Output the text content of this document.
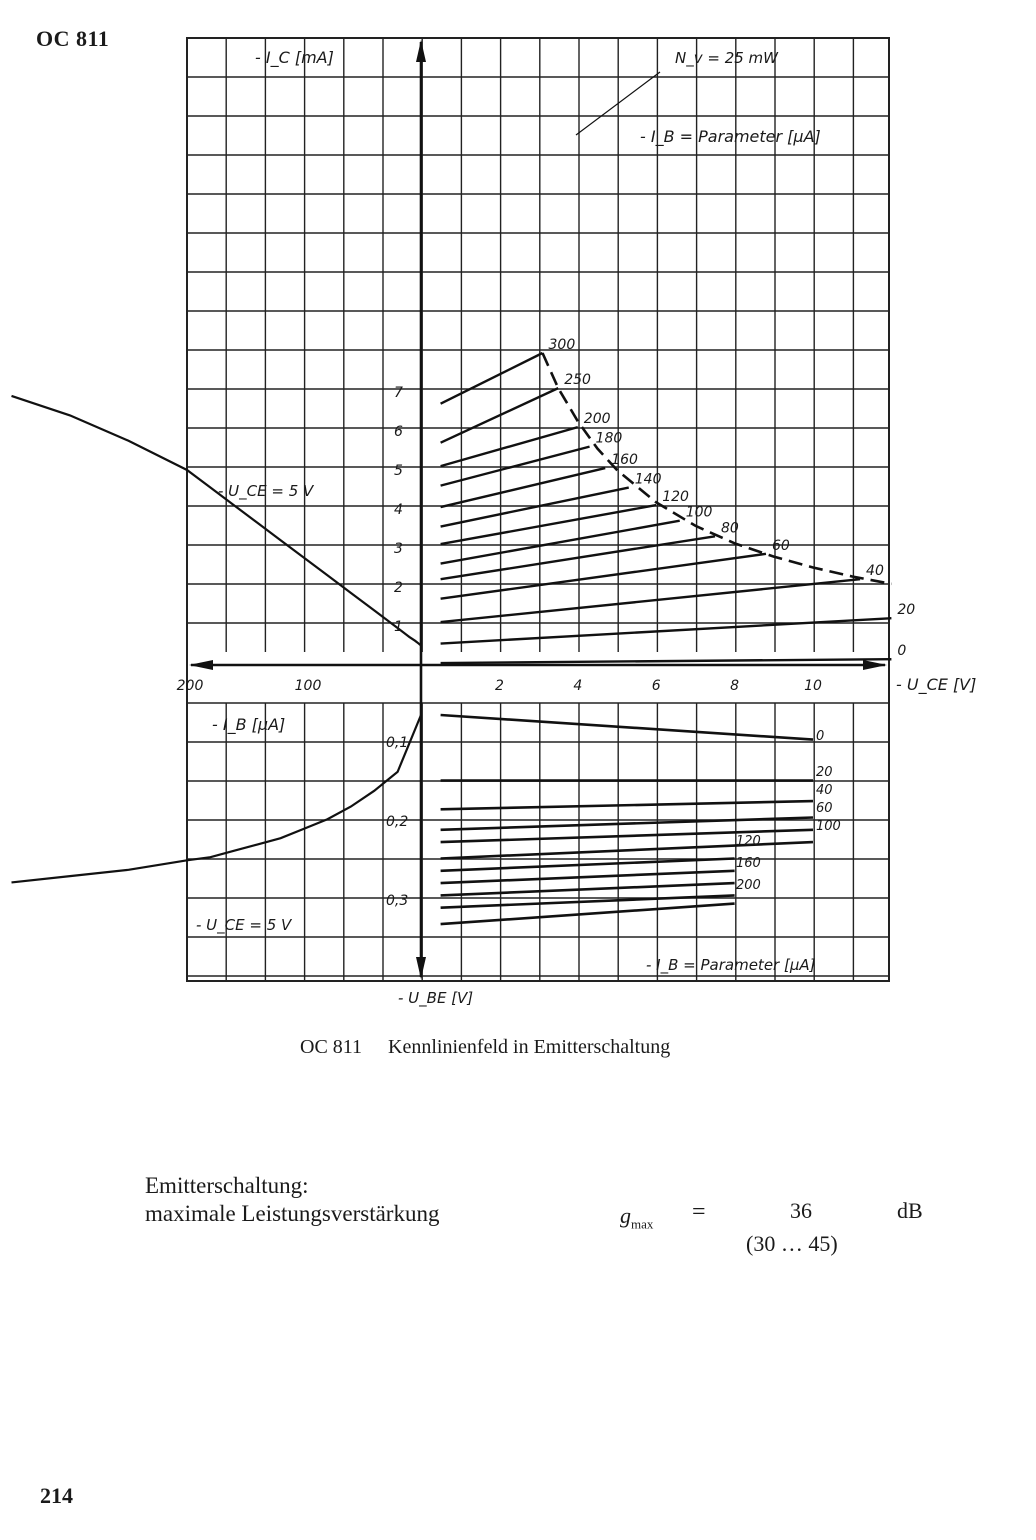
OC 811
0
20
40
60
80
100
120
140
160
180
200
250
300
N_v = 25 mW
- I_C [mA]
- I_B = Parameter [µA]
- U_CE [V]
1
2
3
4
5
6
7
2	4	6	8	10
- U_CE = 5 V
200	100
- I_B [µA]
- U_CE = 5 V
- U_BE [V]
0,1
0,2
0,3
0
20
40
60
100
120
160
200
- I_B = Parameter [µA]
OC 811 Kennlinienfeld in Emitterschaltung
Emitterschaltung:
maximale Leistungsverstärkung	$g_{max}$ =	36	dB
(30 … 45)
214
